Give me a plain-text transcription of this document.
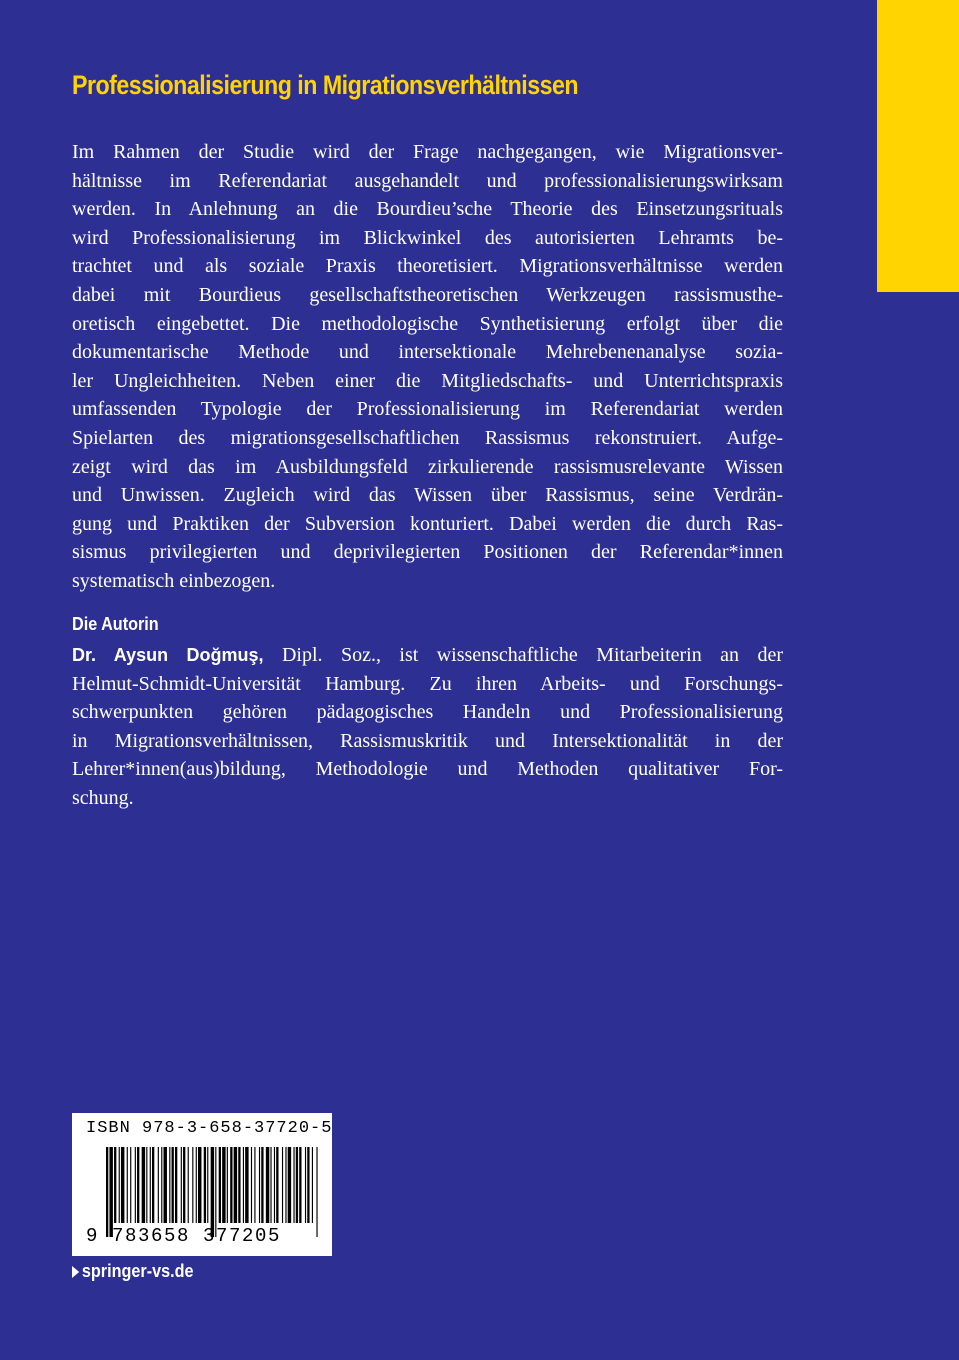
Professionalisierung in Migrationsverhältnissen
Im Rahmen der Studie wird der Frage nachgegangen, wie Migrationsver-
hältnisse im Referendariat ausgehandelt und professionalisierungswirksam
werden. In Anlehnung an die Bourdieu’sche Theorie des Einsetzungsrituals
wird Professionalisierung im Blickwinkel des autorisierten Lehramts be-
trachtet und als soziale Praxis theoretisiert. Migrationsverhältnisse werden
dabei mit Bourdieus gesellschaftstheoretischen Werkzeugen rassismusthe-
oretisch eingebettet. Die methodologische Synthetisierung erfolgt über die
dokumentarische Methode und intersektionale Mehrebenenanalyse sozia-
ler Ungleichheiten. Neben einer die Mitgliedschafts- und Unterrichtspraxis
umfassenden Typologie der Professionalisierung im Referendariat werden
Spielarten des migrationsgesellschaftlichen Rassismus rekonstruiert. Aufge-
zeigt wird das im Ausbildungsfeld zirkulierende rassismusrelevante Wissen
und Unwissen. Zugleich wird das Wissen über Rassismus, seine Verdrän-
gung und Praktiken der Subversion konturiert. Dabei werden die durch Ras-
sismus privilegierten und deprivilegierten Positionen der Referendar*innen
systematisch einbezogen.
Die Autorin
Dr. Aysun Doğmuş, Dipl. Soz., ist wissenschaftliche Mitarbeiterin an der
Helmut-Schmidt-Universität Hamburg. Zu ihren Arbeits- und Forschungs-
schwerpunkten gehören pädagogisches Handeln und Professionalisierung
in Migrationsverhältnissen, Rassismuskritik und Intersektionalität in der
Lehrer*innen(aus)bildung, Methodologie und Methoden qualitativer For-
schung.
ISBN 978-3-658-37720-5
9 783658 377205
springer-vs.de
